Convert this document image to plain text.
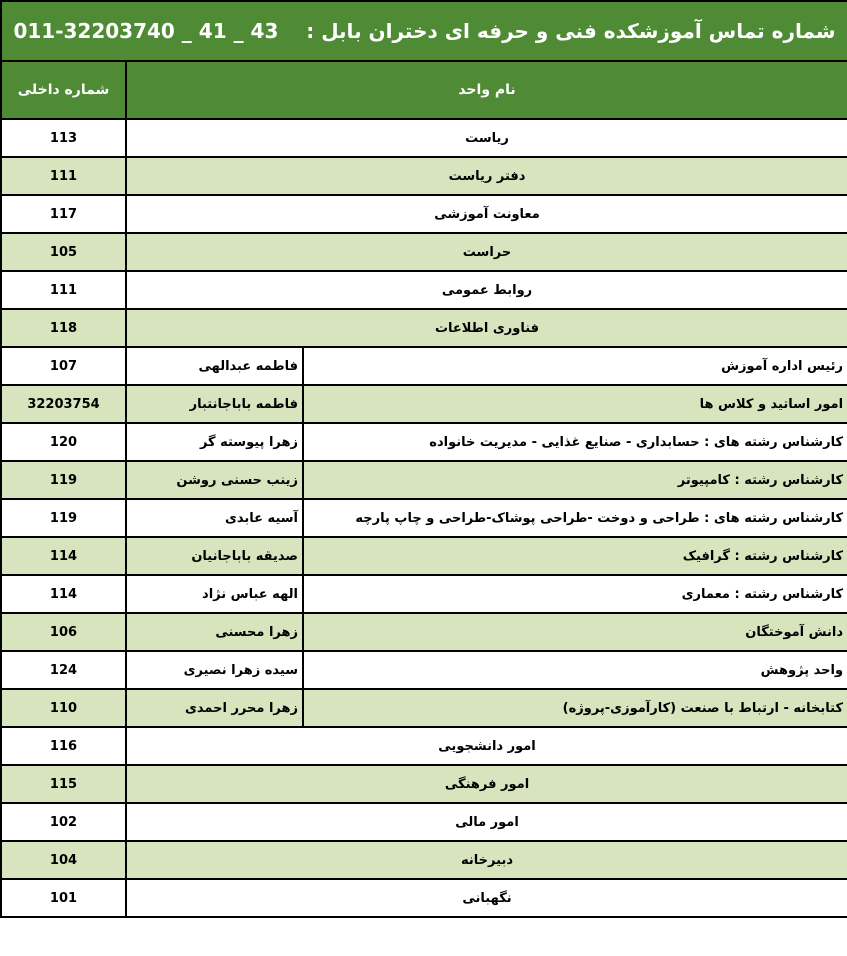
شماره تماس آموزشکده فنی و حرفه ای دختران بابل :    011-32203740 _ 41 _ 43		
شماره داخلی	نام واحد	
113	ریاست	
111	دفتر ریاست	
117	معاونت آموزشی	
105	حراست	
111	روابط عمومی	
118	فناوری اطلاعات	
107	فاطمه عبدالهی	رئیس اداره آموزش
32203754	فاطمه باباجانتبار	امور اساتید و کلاس ها
120	زهرا پیوسته گر	کارشناس رشته های : حسابداری - صنایع غذایی - مدیریت خانواده
119	زینب حسنی روشن	کارشناس رشته : کامپیوتر
119	آسیه عابدی	کارشناس رشته های : طراحی و دوخت -طراحی پوشاک-طراحی و چاپ پارچه
114	صدیقه باباجانیان	کارشناس رشته : گرافیک
114	الهه عباس نژاد	کارشناس رشته : معماری
106	زهرا محسنی	دانش آموختگان
124	سیده زهرا نصیری	واحد پژوهش
110	زهرا محرر احمدی	کتابخانه - ارتباط با صنعت (کارآموزی-پروژه)
116	امور دانشجویی	
115	امور فرهنگی	
102	امور مالی	
104	دبیرخانه	
101	نگهبانی	
